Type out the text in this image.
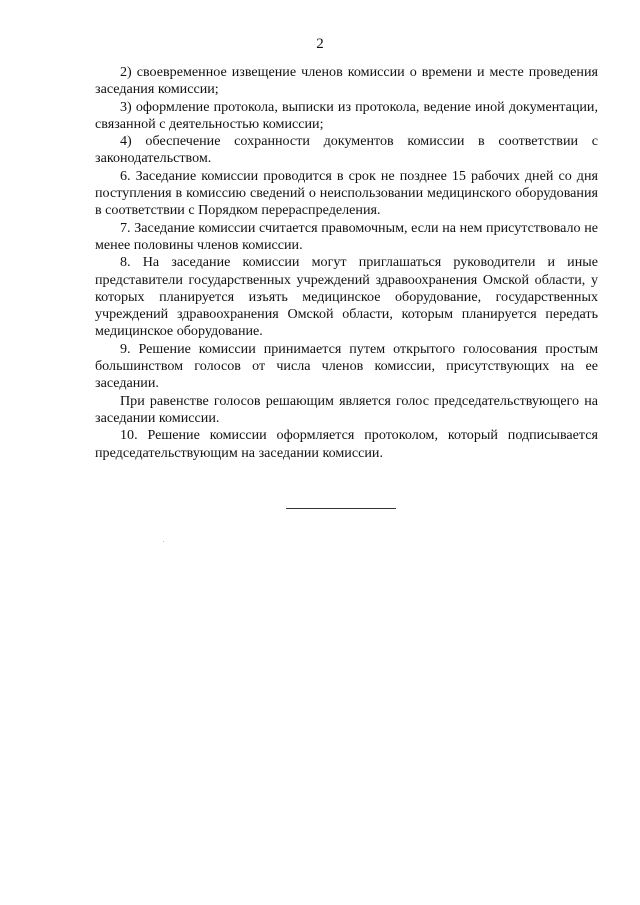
2

2) своевременное извещение членов комиссии о времени и месте проведения заседания комиссии;

3) оформление протокола, выписки из протокола, ведение иной документации, связанной с деятельностью комиссии;

4) обеспечение сохранности документов комиссии в соответствии с законодательством.

6. Заседание комиссии проводится в срок не позднее 15 рабочих дней со дня поступления в комиссию сведений о неиспользовании медицинского оборудования в соответствии с Порядком перераспределения.

7. Заседание комиссии считается правомочным, если на нем присутствовало не менее половины членов комиссии.

8. На заседание комиссии могут приглашаться руководители и иные представители государственных учреждений здравоохранения Омской области, у которых планируется изъять медицинское оборудование, государственных учреждений здравоохранения Омской области, которым планируется передать медицинское оборудование.

9. Решение комиссии принимается путем открытого голосования простым большинством голосов от числа членов комиссии, присутствующих на ее заседании.

При равенстве голосов решающим является голос председательствующего на заседании комиссии.

10. Решение комиссии оформляется протоколом, который подписывается председательствующим на заседании комиссии.
